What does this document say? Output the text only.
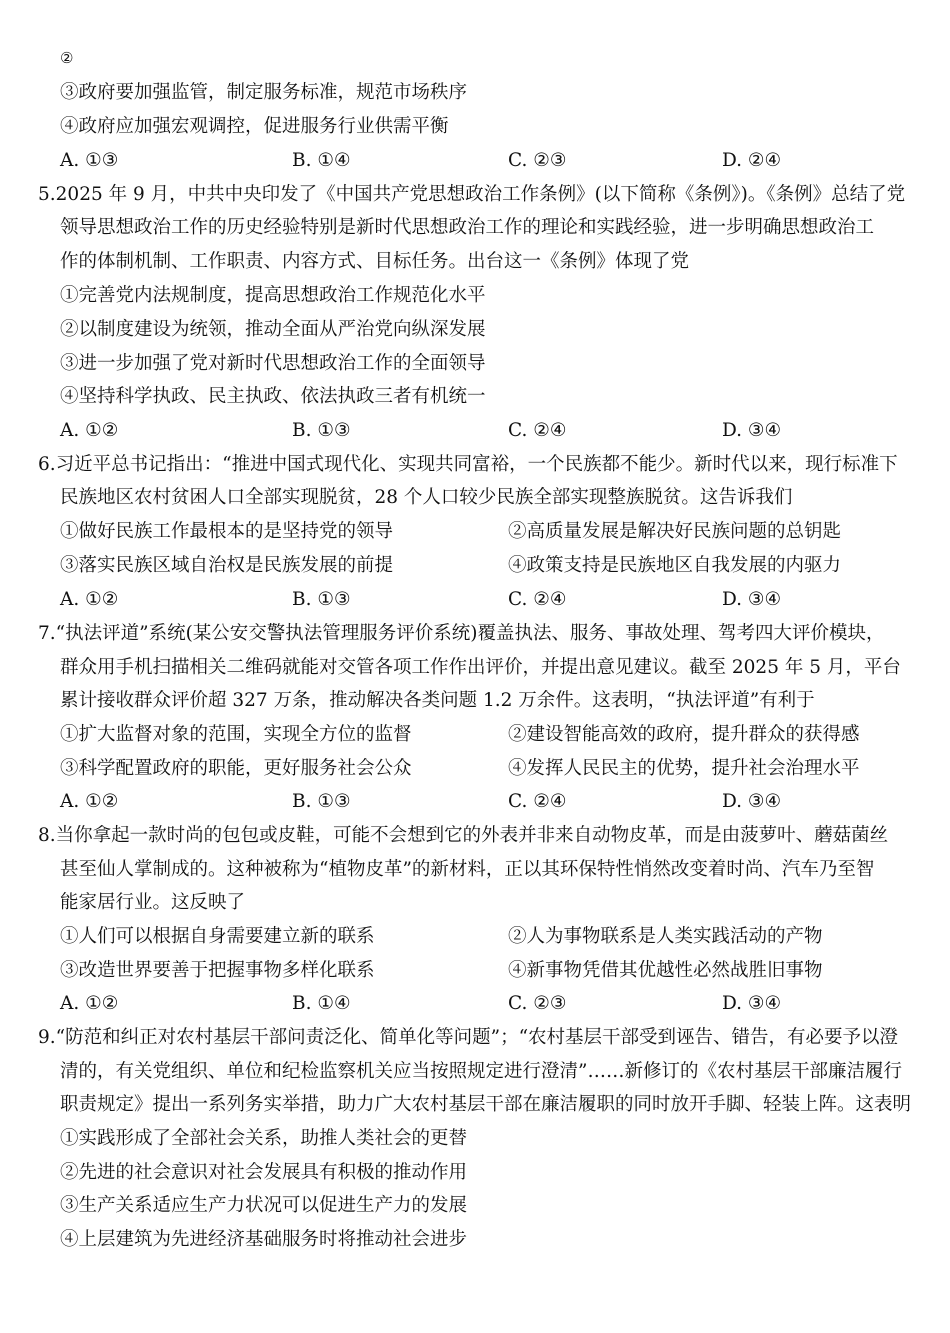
②
③政府要加强监管，制定服务标准，规范市场秩序
④政府应加强宏观调控，促进服务行业供需平衡
A. ①③	B. ①④	C. ②③	D. ②④
5.2025 年 9 月，中共中央印发了《中国共产党思想政治工作条例》(以下简称《条例》)。《条例》总结了党
领导思想政治工作的历史经验特别是新时代思想政治工作的理论和实践经验，进一步明确思想政治工
作的体制机制、工作职责、内容方式、目标任务。出台这一《条例》体现了党
①完善党内法规制度，提高思想政治工作规范化水平
②以制度建设为统领，推动全面从严治党向纵深发展
③进一步加强了党对新时代思想政治工作的全面领导
④坚持科学执政、民主执政、依法执政三者有机统一
A. ①②	B. ①③	C. ②④	D. ③④
6.习近平总书记指出：“推进中国式现代化、实现共同富裕，一个民族都不能少。新时代以来，现行标准下
民族地区农村贫困人口全部实现脱贫，28 个人口较少民族全部实现整族脱贫。这告诉我们
①做好民族工作最根本的是坚持党的领导	②高质量发展是解决好民族问题的总钥匙
③落实民族区域自治权是民族发展的前提	④政策支持是民族地区自我发展的内驱力
A. ①②	B. ①③	C. ②④	D. ③④
7.“执法评道”系统(某公安交警执法管理服务评价系统)覆盖执法、服务、事故处理、驾考四大评价模块，
群众用手机扫描相关二维码就能对交管各项工作作出评价，并提出意见建议。截至 2025 年 5 月，平台
累计接收群众评价超 327 万条，推动解决各类问题 1.2 万余件。这表明，“执法评道”有利于
①扩大监督对象的范围，实现全方位的监督	②建设智能高效的政府，提升群众的获得感
③科学配置政府的职能，更好服务社会公众	④发挥人民民主的优势，提升社会治理水平
A. ①②	B. ①③	C. ②④	D. ③④
8.当你拿起一款时尚的包包或皮鞋，可能不会想到它的外表并非来自动物皮革，而是由菠萝叶、蘑菇菌丝
甚至仙人掌制成的。这种被称为“植物皮革”的新材料，正以其环保特性悄然改变着时尚、汽车乃至智
能家居行业。这反映了
①人们可以根据自身需要建立新的联系	②人为事物联系是人类实践活动的产物
③改造世界要善于把握事物多样化联系	④新事物凭借其优越性必然战胜旧事物
A. ①②	B. ①④	C. ②③	D. ③④
9.“防范和纠正对农村基层干部问责泛化、简单化等问题”；“农村基层干部受到诬告、错告，有必要予以澄
清的，有关党组织、单位和纪检监察机关应当按照规定进行澄清”……新修订的《农村基层干部廉洁履行
职责规定》提出一系列务实举措，助力广大农村基层干部在廉洁履职的同时放开手脚、轻装上阵。这表明
①实践形成了全部社会关系，助推人类社会的更替
②先进的社会意识对社会发展具有积极的推动作用
③生产关系适应生产力状况可以促进生产力的发展
④上层建筑为先进经济基础服务时将推动社会进步
